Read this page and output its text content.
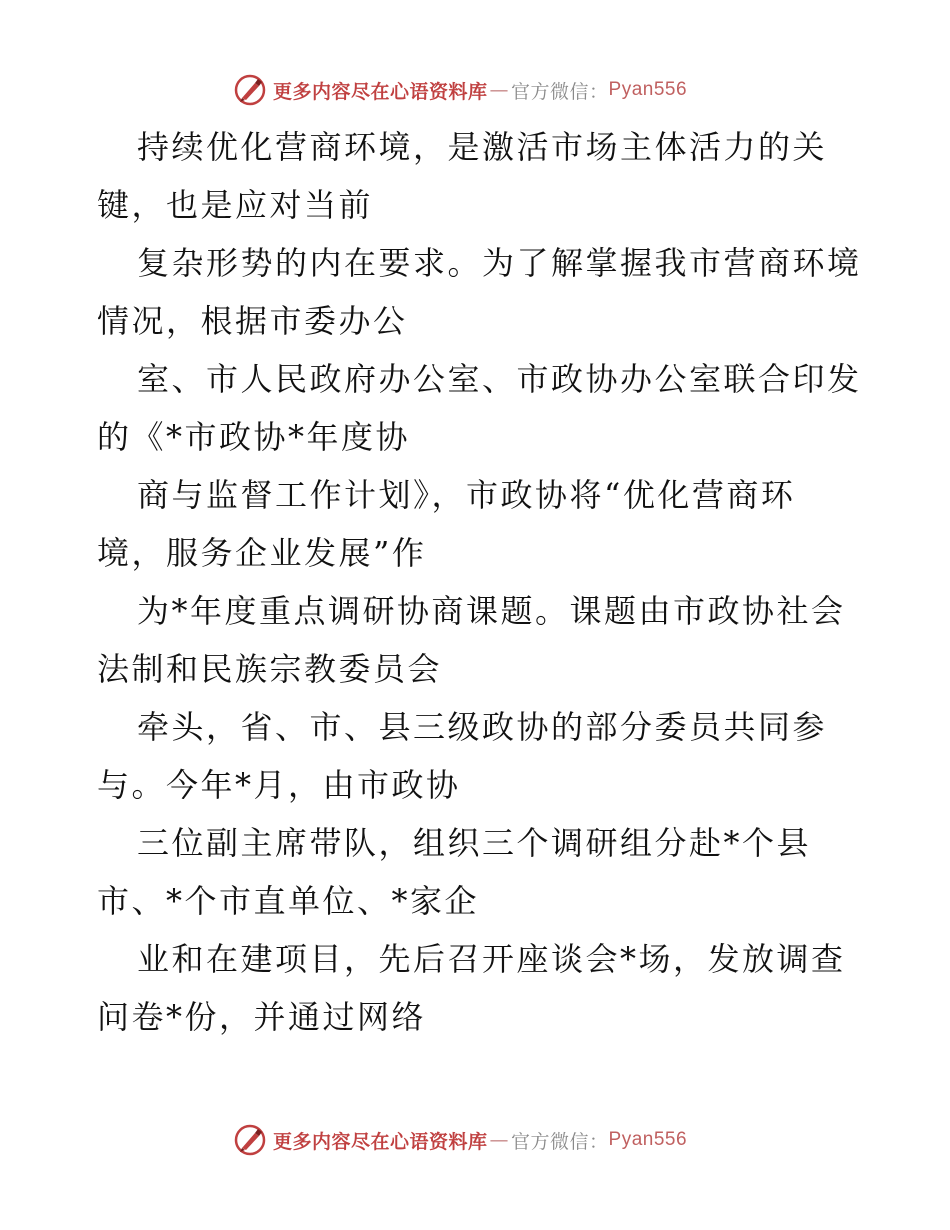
更多内容尽在心语资料库 — 官方微信： Pyan556
持续优化营商环境，是激活市场主体活力的关
键，也是应对当前
复杂形势的内在要求。为了解掌握我市营商环境
情况，根据市委办公
室、市人民政府办公室、市政协办公室联合印发
的《*市政协*年度协
商与监督工作计划》，市政协将“优化营商环
境，服务企业发展”作
为*年度重点调研协商课题。课题由市政协社会
法制和民族宗教委员会
牵头，省、市、县三级政协的部分委员共同参
与。今年*月，由市政协
三位副主席带队，组织三个调研组分赴*个县
市、*个市直单位、*家企
业和在建项目，先后召开座谈会*场，发放调查
问卷*份，并通过网络
更多内容尽在心语资料库 — 官方微信： Pyan556
